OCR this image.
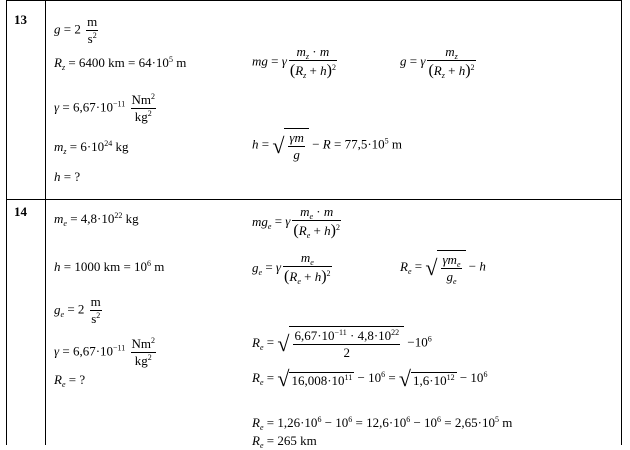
13
$g = 2 \frac{m}{s^2}$
$R_z = 6400$ km = $64\cdot 10^5$ m	mg = γ $\frac{m_z \cdot m}{(R_z + h)^2}$	g = γ $\frac{m_z}{(R_z + h)^2}$
$\gamma = 6,67\cdot 10^{-11} \frac{Nm^2}{kg^2}$
$m_z = 6\cdot 10^{24}$ kg	h = √ $\frac{\gamma m}{g} - R = 77,5\cdot 10^5$ m
h = ?
14 $m_e = 4,8\cdot 10^{22}$ kg	$mg_e = \gamma \frac{m_e \cdot m}{(R_e + h)^2}$
h = 1000 km = $10^6$ m	$g_e = \gamma \frac{m_e}{(R_e + h)^2}$	$R_e$ = √ $\frac{\gamma m_e}{g_e} - h$
$g_e = 2 \frac{m}{s^2}$
$\gamma = 6,67\cdot 10^{-11} \frac{Nm^2}{kg^2}$	$R_e$ = √ $\frac{6,67\cdot 10^{-11} \cdot 4,8\cdot 10^{22}}{2} -10^6$
$R_e$ = ?	$R_e$ = √ $16,008\cdot 10^{11} - 10^6$ = √ $1,6\cdot 10^{12} - 10^6$
$R_e = 1,26\cdot 10^6 - 10^6 = 12,6\cdot 10^6 - 10^6 = 2,65\cdot 10^5$ m
$R_e = 265$ km
